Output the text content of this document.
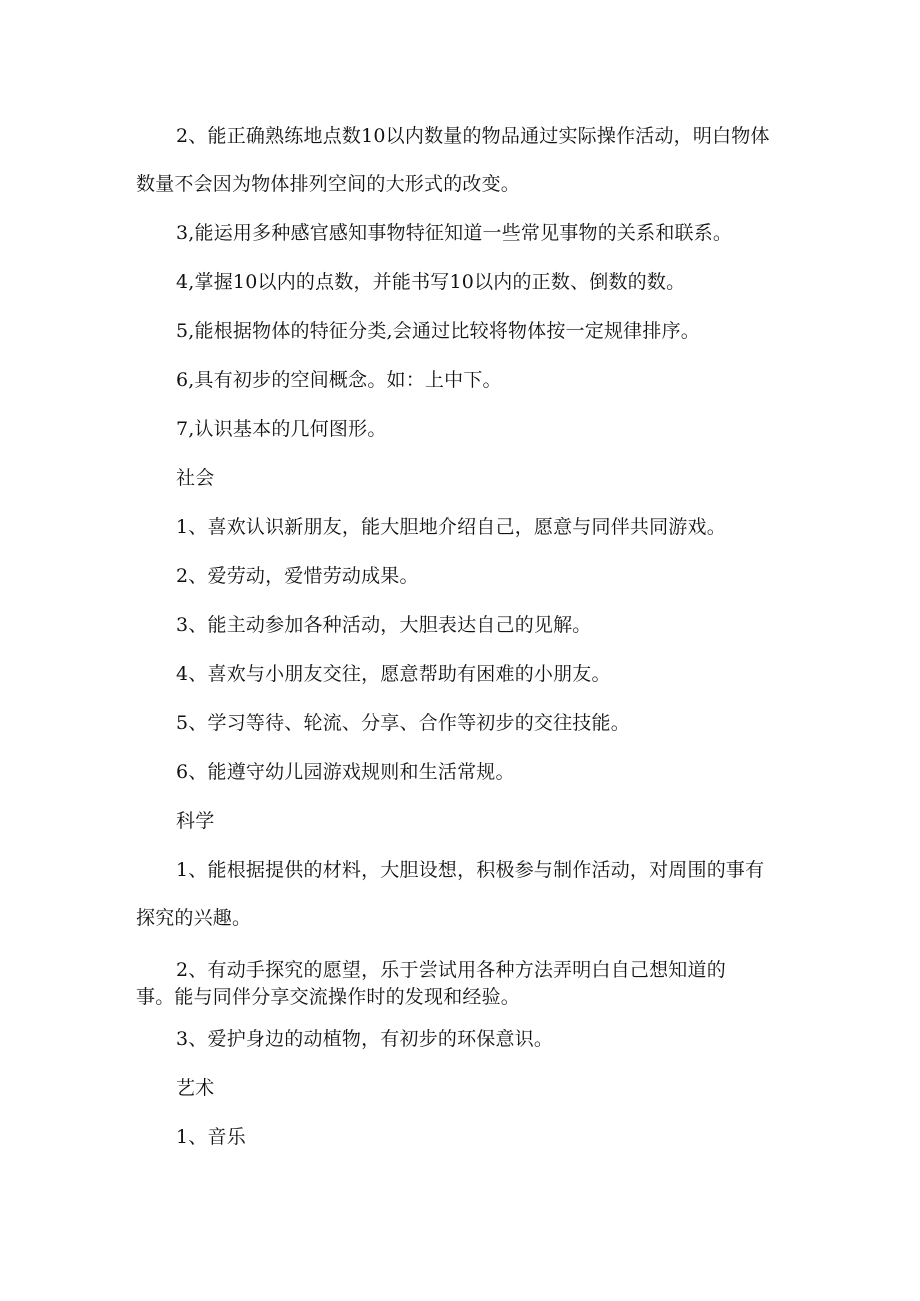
2、能正确熟练地点数10以内数量的物品通过实际操作活动，明白物体
数量不会因为物体排列空间的大形式的改变。
3,能运用多种感官感知事物特征知道一些常见事物的关系和联系。
4,掌握10以内的点数，并能书写10以内的正数、倒数的数。
5,能根据物体的特征分类,会通过比较将物体按一定规律排序。
6,具有初步的空间概念。如：上中下。
7,认识基本的几何图形。
社会
1、喜欢认识新朋友，能大胆地介绍自己，愿意与同伴共同游戏。
2、爱劳动，爱惜劳动成果。
3、能主动参加各种活动，大胆表达自己的见解。
4、喜欢与小朋友交往，愿意帮助有困难的小朋友。
5、学习等待、轮流、分享、合作等初步的交往技能。
6、能遵守幼儿园游戏规则和生活常规。
科学
1、能根据提供的材料，大胆设想，积极参与制作活动，对周围的事有
探究的兴趣。
2、有动手探究的愿望，乐于尝试用各种方法弄明白自己想知道的
事。能与同伴分享交流操作时的发现和经验。
3、爱护身边的动植物，有初步的环保意识。
艺术
1、音乐
